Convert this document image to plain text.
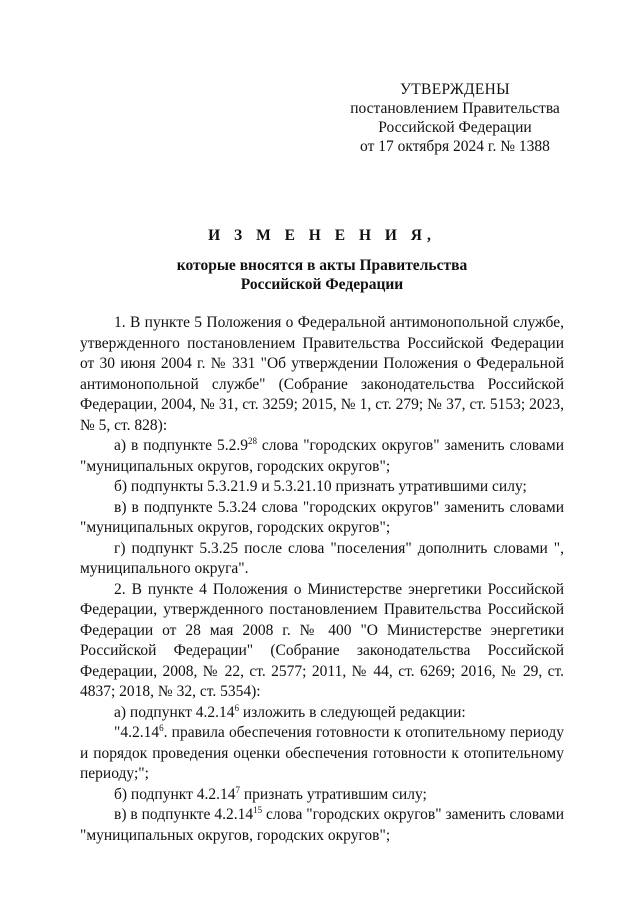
УТВЕРЖДЕНЫ
постановлением Правительства
Российской Федерации
от 17 октября 2024 г. № 1388
И З М Е Н Е Н И Я,
которые вносятся в акты Правительства
Российской Федерации

1. В пункте 5 Положения о Федеральной антимонопольной службе, утвержденного постановлением Правительства Российской Федерации от 30 июня 2004 г. № 331 "Об утверждении Положения о Федеральной антимонопольной службе" (Собрание законодательства Российской Федерации, 2004, № 31, ст. 3259; 2015, № 1, ст. 279; № 37, ст. 5153; 2023, № 5, ст. 828):

а) в подпункте 5.2.9$^{28}$ слова "городских округов" заменить словами "муниципальных округов, городских округов";

б) подпункты 5.3.21.9 и 5.3.21.10 признать утратившими силу;

в) в подпункте 5.3.24 слова "городских округов" заменить словами "муниципальных округов, городских округов";

г) подпункт 5.3.25 после слова "поселения" дополнить словами ", муниципального округа".

2. В пункте 4 Положения о Министерстве энергетики Российской Федерации, утвержденного постановлением Правительства Российской Федерации от 28 мая 2008 г. № 400 "О Министерстве энергетики Российской Федерации" (Собрание законодательства Российской Федерации, 2008, № 22, ст. 2577; 2011, № 44, ст. 6269; 2016, № 29, ст. 4837; 2018, № 32, ст. 5354):

а) подпункт 4.2.14$^6$ изложить в следующей редакции:

"4.2.14$^6$. правила обеспечения готовности к отопительному периоду и порядок проведения оценки обеспечения готовности к отопительному периоду;";

б) подпункт 4.2.14$^7$ признать утратившим силу;

в) в подпункте 4.2.14$^{15}$ слова "городских округов" заменить словами "муниципальных округов, городских округов";
